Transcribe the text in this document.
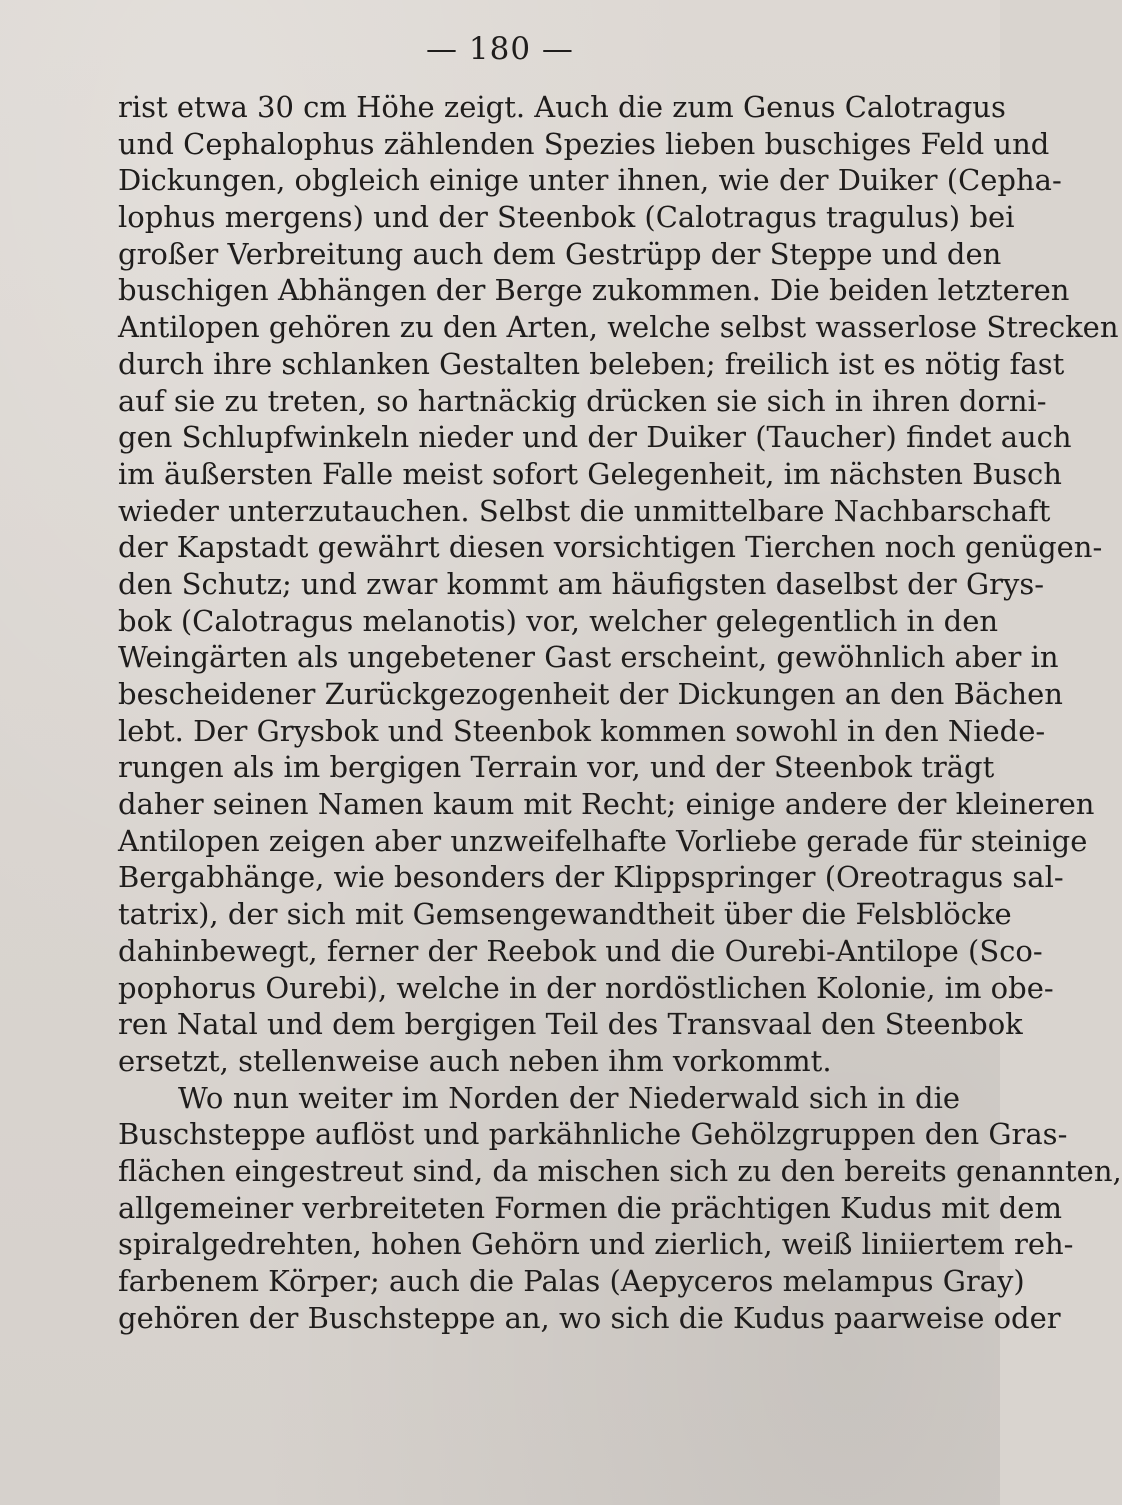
— 180 —
rist etwa 30 cm Höhe zeigt. Auch die zum Genus Calotragus
und Cephalophus zählenden Spezies lieben buschiges Feld und
Dickungen, obgleich einige unter ihnen, wie der Duiker (Cepha-
lophus mergens) und der Steenbok (Calotragus tragulus) bei
großer Verbreitung auch dem Gestrüpp der Steppe und den
buschigen Abhängen der Berge zukommen. Die beiden letzteren
Antilopen gehören zu den Arten, welche selbst wasserlose Strecken
durch ihre schlanken Gestalten beleben; freilich ist es nötig fast
auf sie zu treten, so hartnäckig drücken sie sich in ihren dorni-
gen Schlupfwinkeln nieder und der Duiker (Taucher) findet auch
im äußersten Falle meist sofort Gelegenheit, im nächsten Busch
wieder unterzutauchen. Selbst die unmittelbare Nachbarschaft
der Kapstadt gewährt diesen vorsichtigen Tierchen noch genügen-
den Schutz; und zwar kommt am häufigsten daselbst der Grys-
bok (Calotragus melanotis) vor, welcher gelegentlich in den
Weingärten als ungebetener Gast erscheint, gewöhnlich aber in
bescheidener Zurückgezogenheit der Dickungen an den Bächen
lebt. Der Grysbok und Steenbok kommen sowohl in den Niede-
rungen als im bergigen Terrain vor, und der Steenbok trägt
daher seinen Namen kaum mit Recht; einige andere der kleineren
Antilopen zeigen aber unzweifelhafte Vorliebe gerade für steinige
Bergabhänge, wie besonders der Klippspringer (Oreotragus sal-
tatrix), der sich mit Gemsengewandtheit über die Felsblöcke
dahinbewegt, ferner der Reebok und die Ourebi-Antilope (Sco-
pophorus Ourebi), welche in der nordöstlichen Kolonie, im obe-
ren Natal und dem bergigen Teil des Transvaal den Steenbok
ersetzt, stellenweise auch neben ihm vorkommt.
Wo nun weiter im Norden der Niederwald sich in die
Buschsteppe auflöst und parkähnliche Gehölzgruppen den Gras-
flächen eingestreut sind, da mischen sich zu den bereits genannten,
allgemeiner verbreiteten Formen die prächtigen Kudus mit dem
spiralgedrehten, hohen Gehörn und zierlich, weiß liniiertem reh-
farbenem Körper; auch die Palas (Aepyceros melampus Gray)
gehören der Buschsteppe an, wo sich die Kudus paarweise oder
